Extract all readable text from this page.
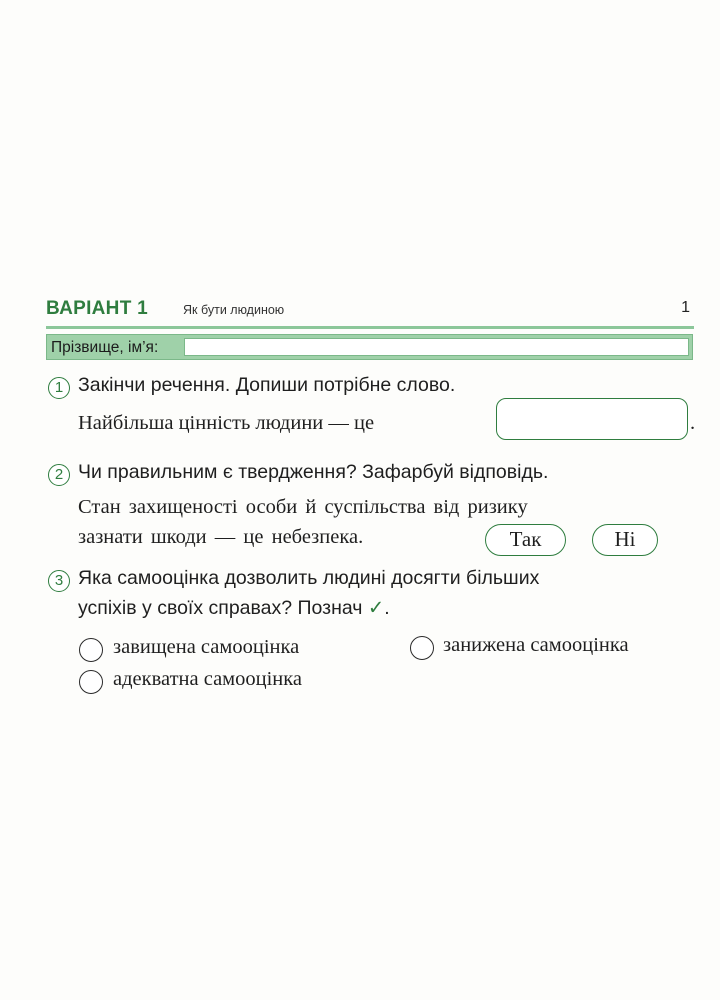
ВАРІАНТ 1	Як бути людиною	1
Прізвище, ім’я:
1 Закінчи речення. Допиши потрібне слово.
Найбільша цінність людини — це	.
2 Чи правильним є твердження? Зафарбуй відповідь.
Стан захищеності особи й суспільства від ризику
зазнати шкоди — це небезпека.	Так	Ні
3 Яка самооцінка дозволить людині досягти більших
успіхів у своїх справах? Познач ✓.
завищена самооцінка	занижена самооцінка
адекватна самооцінка
